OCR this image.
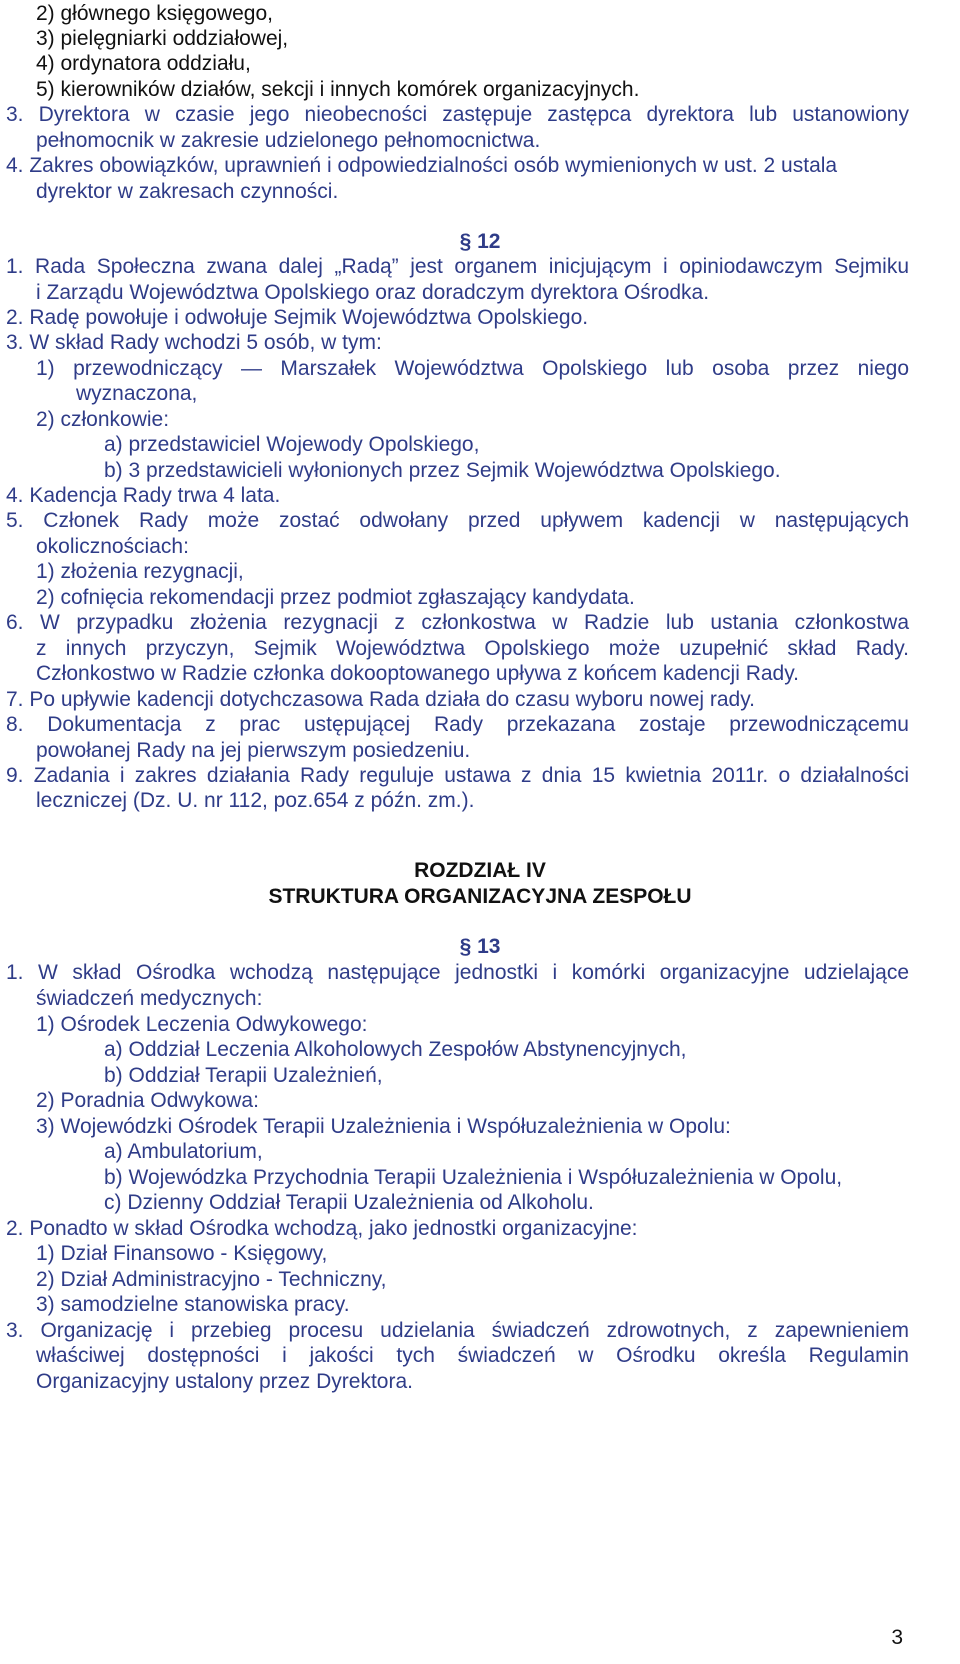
2) głównego księgowego,
3) pielęgniarki oddziałowej,
4) ordynatora oddziału,
5) kierowników działów, sekcji i innych komórek organizacyjnych.
3. Dyrektora w czasie jego nieobecności zastępuje zastępca dyrektora lub ustanowiony
pełnomocnik w zakresie udzielonego pełnomocnictwa.
4. Zakres obowiązków, uprawnień i odpowiedzialności osób wymienionych w ust. 2 ustala
dyrektor w zakresach czynności.
§ 12
1. Rada Społeczna zwana dalej „Radą” jest organem inicjującym i opiniodawczym Sejmiku
i Zarządu Województwa Opolskiego oraz doradczym dyrektora Ośrodka.
2. Radę powołuje i odwołuje Sejmik Województwa Opolskiego.
3. W skład Rady wchodzi 5 osób, w tym:
1) przewodniczący ― Marszałek Województwa Opolskiego lub osoba przez niego
wyznaczona,
2) członkowie:
a) przedstawiciel Wojewody Opolskiego,
b) 3 przedstawicieli wyłonionych przez Sejmik Województwa Opolskiego.
4. Kadencja Rady trwa 4 lata.
5. Członek Rady może zostać odwołany przed upływem kadencji w następujących
okolicznościach:
1) złożenia rezygnacji,
2) cofnięcia rekomendacji przez podmiot zgłaszający kandydata.
6. W przypadku złożenia rezygnacji z członkostwa w Radzie lub ustania członkostwa
z innych przyczyn, Sejmik Województwa Opolskiego może uzupełnić skład Rady.
Członkostwo w Radzie członka dokooptowanego upływa z końcem kadencji Rady.
7. Po upływie kadencji dotychczasowa Rada działa do czasu wyboru nowej rady.
8. Dokumentacja z prac ustępującej Rady przekazana zostaje przewodniczącemu
powołanej Rady na jej pierwszym posiedzeniu.
9. Zadania i zakres działania Rady reguluje ustawa z dnia 15 kwietnia 2011r. o działalności
leczniczej (Dz. U. nr 112, poz.654 z późn. zm.).
ROZDZIAŁ IV
STRUKTURA ORGANIZACYJNA ZESPOŁU
§ 13
1. W skład Ośrodka wchodzą następujące jednostki i komórki organizacyjne udzielające
świadczeń medycznych:
1) Ośrodek Leczenia Odwykowego:
a) Oddział Leczenia Alkoholowych Zespołów Abstynencyjnych,
b) Oddział Terapii Uzależnień,
2) Poradnia Odwykowa:
3) Wojewódzki Ośrodek Terapii Uzależnienia i Współuzależnienia w Opolu:
a) Ambulatorium,
b) Wojewódzka Przychodnia Terapii Uzależnienia i Współuzależnienia w Opolu,
c) Dzienny Oddział Terapii Uzależnienia od Alkoholu.
2. Ponadto w skład Ośrodka wchodzą, jako jednostki organizacyjne:
1) Dział Finansowo - Księgowy,
2) Dział Administracyjno - Techniczny,
3) samodzielne stanowiska pracy.
3. Organizację i przebieg procesu udzielania świadczeń zdrowotnych, z zapewnieniem
właściwej dostępności i jakości tych świadczeń w Ośrodku określa Regulamin
Organizacyjny ustalony przez Dyrektora.
3
